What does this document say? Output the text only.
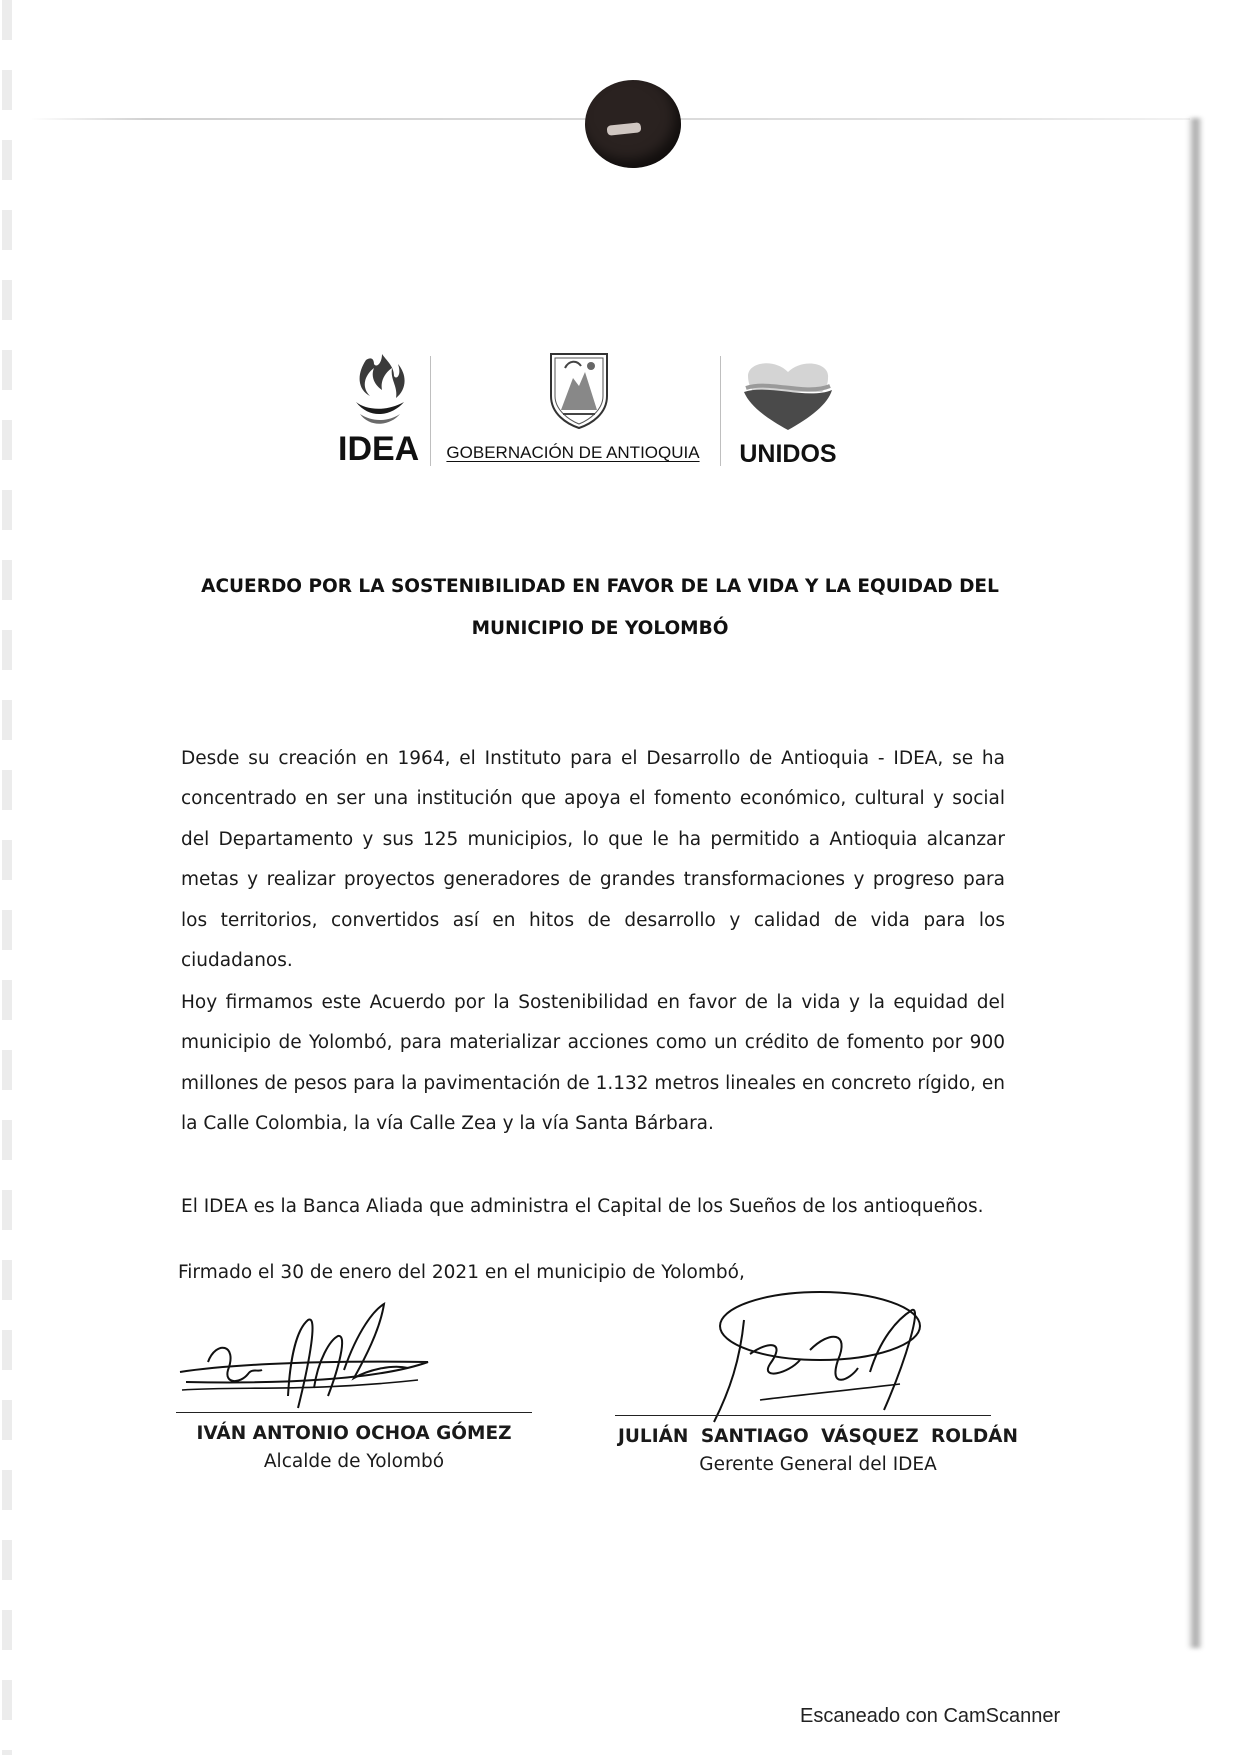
IDEA	GOBERNACIÓN DE ANTIOQUIA	UNIDOS
ACUERDO POR LA SOSTENIBILIDAD EN FAVOR DE LA VIDA Y LA EQUIDAD DEL
MUNICIPIO DE YOLOMBÓ

Desde su creación en 1964, el Instituto para el Desarrollo de Antioquia - IDEA, se ha concentrado en ser una institución que apoya el fomento económico, cultural y social del Departamento y sus 125 municipios, lo que le ha permitido a Antioquia alcanzar metas y realizar proyectos generadores de grandes transformaciones y progreso para los territorios, convertidos así en hitos de desarrollo y calidad de vida para los ciudadanos.

Hoy firmamos este Acuerdo por la Sostenibilidad en favor de la vida y la equidad del municipio de Yolombó, para materializar acciones como un crédito de fomento por 900 millones de pesos para la pavimentación de 1.132 metros lineales en concreto rígido, en la Calle Colombia, la vía Calle Zea y la vía Santa Bárbara.

El IDEA es la Banca Aliada que administra el Capital de los Sueños de los antioqueños.

Firmado el 30 de enero del 2021 en el municipio de Yolombó,

IVÁN ANTONIO OCHOA GÓMEZ
Alcalde de Yolombó
JULIÁN SANTIAGO VÁSQUEZ ROLDÁN
Gerente General del IDEA
Escaneado con CamScanner
